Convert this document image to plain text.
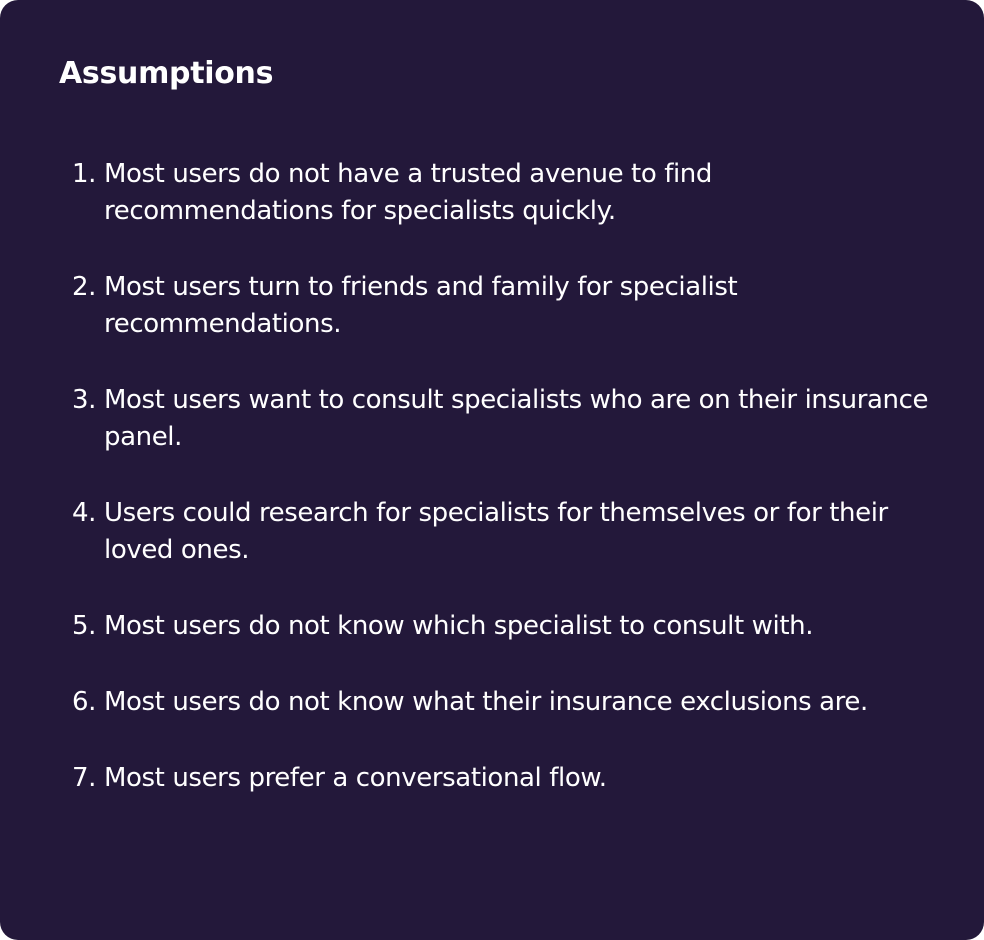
Assumptions
1. Most users do not have a trusted avenue to find recommendations for specialists quickly.
2. Most users turn to friends and family for specialist recommendations.
3. Most users want to consult specialists who are on their insurance panel.
4. Users could research for specialists for themselves or for their loved ones.
5. Most users do not know which specialist to consult with.
6. Most users do not know what their insurance exclusions are.
7. Most users prefer a conversational flow.
